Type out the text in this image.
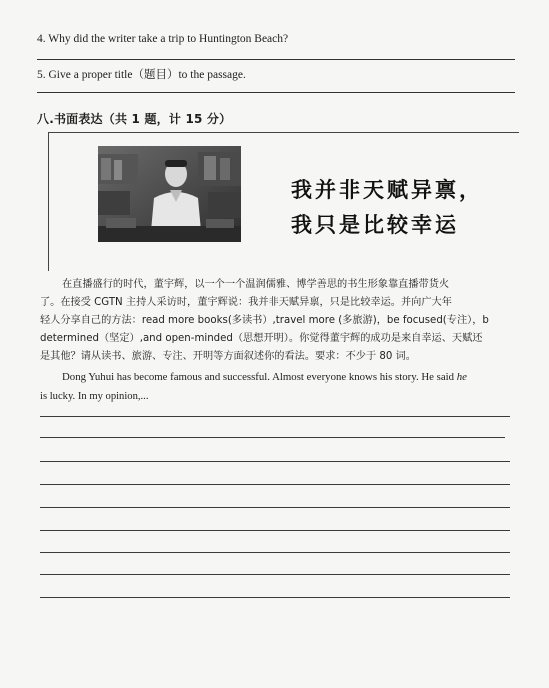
4. Why did the writer take a trip to Huntington Beach?
5. Give a proper title（题目）to the passage.
八.书面表达（共 1 题，计 15 分）
我并非天赋异禀，
我只是比较幸运
在直播盛行的时代，董宇辉，以一个一个温润儒雅、博学善思的书生形象靠直播带货火
了。在接受 CGTN 主持人采访时，董宇辉说：我并非天赋异禀，只是比较幸运。并向广大年
轻人分享自己的方法：read more books(多读书）,travel more (多旅游)，be focused(专注），b
determined（坚定）,and open-minded（思想开明）。你觉得董宇辉的成功是来自幸运、天赋还
是其他？请从读书、旅游、专注、开明等方面叙述你的看法。要求：不少于 80 词。
Dong Yuhui has become famous and successful. Almost everyone knows his story. He said he
is lucky. In my opinion,...
